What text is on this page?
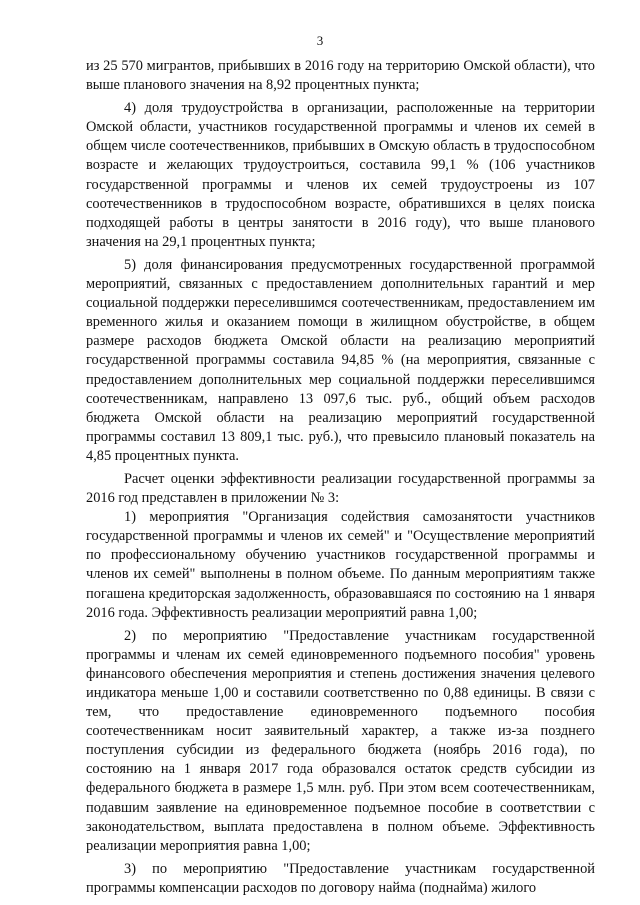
3

из 25 570 мигрантов, прибывших в 2016 году на территорию Омской области), что выше планового значения на 8,92 процентных пункта;

4) доля трудоустройства в организации, расположенные на территории Омской области, участников государственной программы и членов их семей в общем числе соотечественников, прибывших в Омскую область в трудоспособном возрасте и желающих трудоустроиться, составила 99,1 % (106 участников государственной программы и членов их семей трудоустроены из 107 соотечественников в трудоспособном возрасте, обратившихся в целях поиска подходящей работы в центры занятости в 2016 году), что выше планового значения на 29,1 процентных пункта;

5) доля финансирования предусмотренных государственной программой мероприятий, связанных с предоставлением дополнительных гарантий и мер социальной поддержки переселившимся соотечественникам, предоставлением им временного жилья и оказанием помощи в жилищном обустройстве, в общем размере расходов бюджета Омской области на реализацию мероприятий государственной программы составила 94,85 % (на мероприятия, связанные с предоставлением дополнительных мер социальной поддержки переселившимся соотечественникам, направлено 13 097,6 тыс. руб., общий объем расходов бюджета Омской области на реализацию мероприятий государственной программы составил 13 809,1 тыс. руб.), что превысило плановый показатель на 4,85 процентных пункта.

Расчет оценки эффективности реализации государственной программы за 2016 год представлен в приложении № 3:

1) мероприятия "Организация содействия самозанятости участников государственной программы и членов их семей" и "Осуществление мероприятий по профессиональному обучению участников государственной программы и членов их семей" выполнены в полном объеме. По данным мероприятиям также погашена кредиторская задолженность, образовавшаяся по состоянию на 1 января 2016 года. Эффективность реализации мероприятий равна 1,00;

2) по мероприятию "Предоставление участникам государственной программы и членам их семей единовременного подъемного пособия" уровень финансового обеспечения мероприятия и степень достижения значения целевого индикатора меньше 1,00 и составили соответственно по 0,88 единицы. В связи с тем, что предоставление единовременного подъемного пособия соотечественникам носит заявительный характер, а также из-за позднего поступления субсидии из федерального бюджета (ноябрь 2016 года), по состоянию на 1 января 2017 года образовался остаток средств субсидии из федерального бюджета в размере 1,5 млн. руб. При этом всем соотечественникам, подавшим заявление на единовременное подъемное пособие в соответствии с законодательством, выплата предоставлена в полном объеме. Эффективность реализации мероприятия равна 1,00;

3) по мероприятию "Предоставление участникам государственной программы компенсации расходов по договору найма (поднайма) жилого
